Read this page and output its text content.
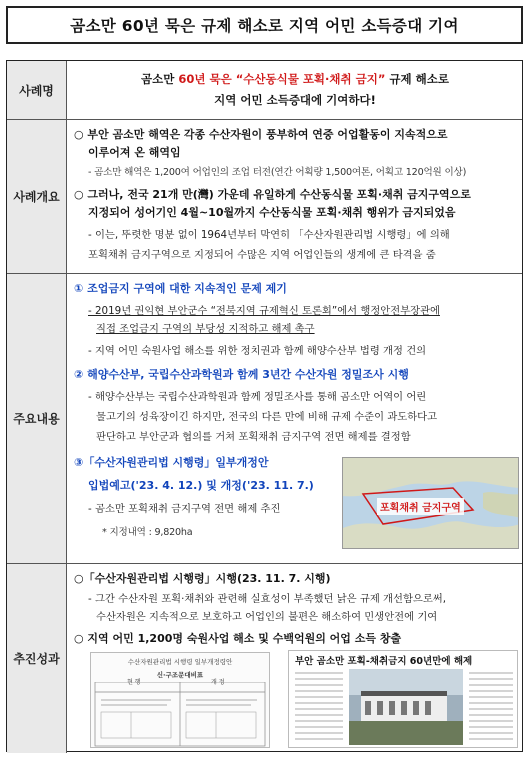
곰소만 60년 묵은 규제 해소로 지역 어민 소득증대 기여
사례명
곰소만 60년 묵은 “수산동식물 포획·채취 금지” 규제 해소로
지역 어민 소득증대에 기여하다!
사례개요
○ 부안 곰소만 해역은 각종 수산자원이 풍부하여 연중 어업활동이 지속적으로
이루어져 온 해역임
- 곰소만 해역은 1,200여 어업인의 조업 터전(연간 어획량 1,500여톤, 어획고 120억원 이상)
○ 그러나, 전국 21개 만(灣) 가운데 유일하게 수산동식물 포획·채취 금지구역으로
지정되어 성어기인 4월~10월까지 수산동식물 포획·채취 행위가 금지되었음
- 이는, 뚜렷한 명분 없이 1964년부터 막연히 「수산자원관리법 시행령」에 의해
포획채취 금지구역으로 지정되어 수많은 지역 어업인들의 생계에 큰 타격을 줌
주요내용
① 조업금지 구역에 대한 지속적인 문제 제기
- 2019년 권익현 부안군수 “전북지역 규제혁신 토론회”에서 행정안전부장관에
직접 조업금지 구역의 부당성 지적하고 해제 촉구
- 지역 어민 숙원사업 해소를 위한 정치권과 함께 해양수산부 법령 개정 건의
② 해양수산부, 국립수산과학원과 함께 3년간 수산자원 정밀조사 시행
- 해양수산부는 국립수산과학원과 함께 정밀조사를 통해 곰소만 어역이 어린
물고기의 성육장이긴 하지만, 전국의 다른 만에 비해 규제 수준이 과도하다고
판단하고 부안군과 협의를 거쳐 포획채취 금지구역 전면 해제를 결정함
③「수산자원관리법 시행령」일부개정안
입법예고('23. 4. 12.) 및 개정('23. 11. 7.)
- 곰소만 포획채취 금지구역 전면 해제 추진
* 지정내역 : 9,820ha
포획채취 금지구역
추진성과
○「수산자원관리법 시행령」시행(23. 11. 7. 시행)
- 그간 수산자원 포획·채취와 관련해 실효성이 부족했던 낡은 규제 개선함으로써,
수산자원은 지속적으로 보호하고 어업인의 불편은 해소하여 민생안전에 기여
○ 지역 어민 1,200명 숙원사업 해소 및 수백억원의 어업 소득 창출
수산자원관리법 시행령 일부개정령안
신·구조문대비표
현 행	개 정
부안 곰소만 포획-채취금지 60년만에 해제
